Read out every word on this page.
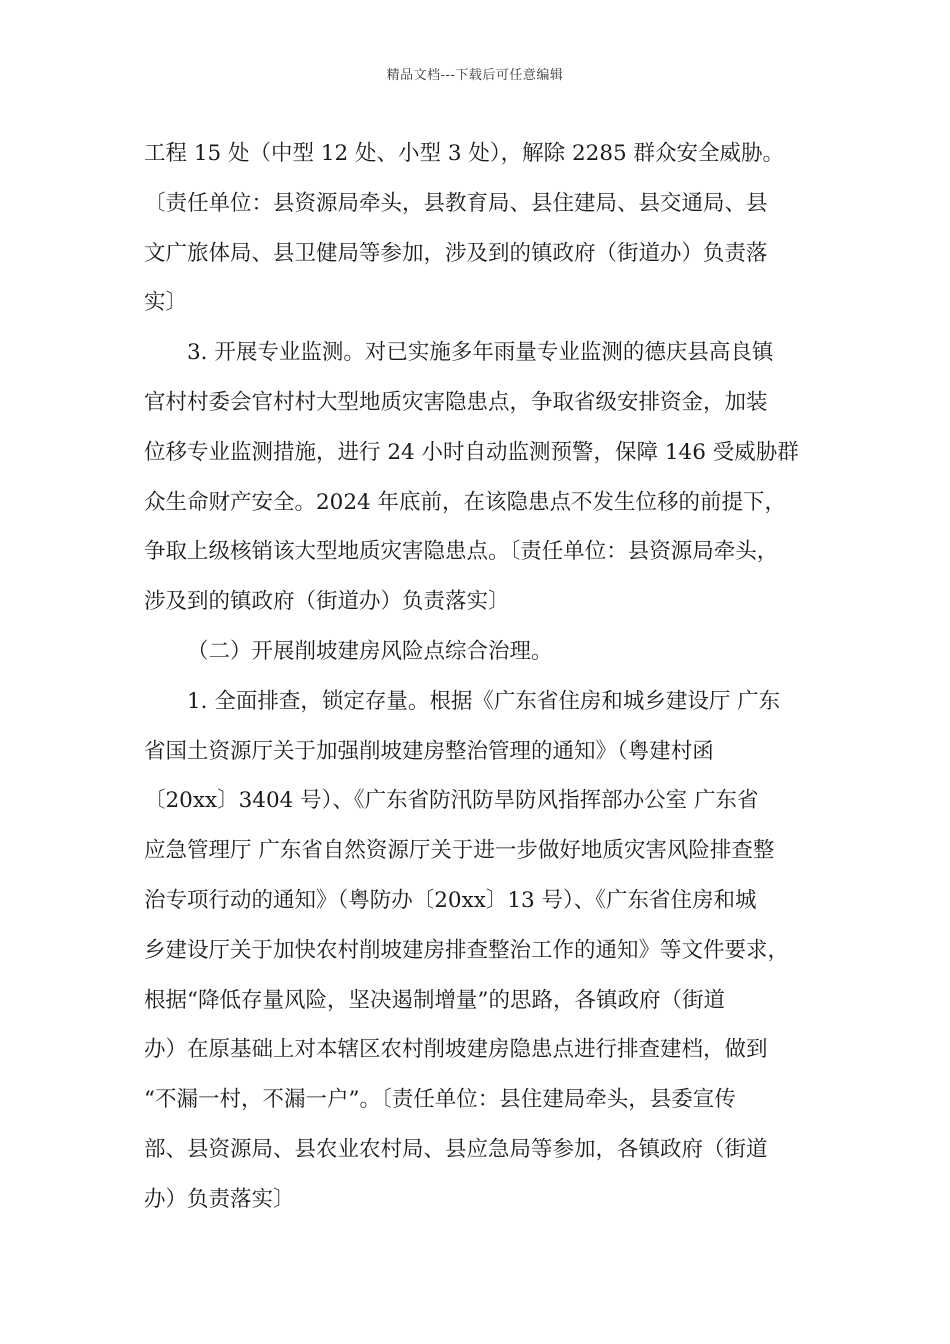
精品文档---下载后可任意编辑
工程 15 处（中型 12 处、小型 3 处），解除 2285 群众安全威胁。
〔责任单位：县资源局牵头，县教育局、县住建局、县交通局、县
文广旅体局、县卫健局等参加，涉及到的镇政府（街道办）负责落
实〕
3. 开展专业监测。对已实施多年雨量专业监测的德庆县高良镇
官村村委会官村村大型地质灾害隐患点，争取省级安排资金，加装
位移专业监测措施，进行 24 小时自动监测预警，保障 146 受威胁群
众生命财产安全。2024 年底前，在该隐患点不发生位移的前提下，
争取上级核销该大型地质灾害隐患点。〔责任单位：县资源局牵头，
涉及到的镇政府（街道办）负责落实〕
（二）开展削坡建房风险点综合治理。
1. 全面排查，锁定存量。根据《广东省住房和城乡建设厅 广东
省国土资源厅关于加强削坡建房整治管理的通知》（粤建村函
〔20xx〕3404 号）、《广东省防汛防旱防风指挥部办公室 广东省
应急管理厅 广东省自然资源厅关于进一步做好地质灾害风险排查整
治专项行动的通知》（粤防办〔20xx〕13 号）、《广东省住房和城
乡建设厅关于加快农村削坡建房排查整治工作的通知》等文件要求，
根据“降低存量风险，坚决遏制增量”的思路，各镇政府（街道
办）在原基础上对本辖区农村削坡建房隐患点进行排查建档，做到
“不漏一村，不漏一户”。〔责任单位：县住建局牵头，县委宣传
部、县资源局、县农业农村局、县应急局等参加，各镇政府（街道
办）负责落实〕
